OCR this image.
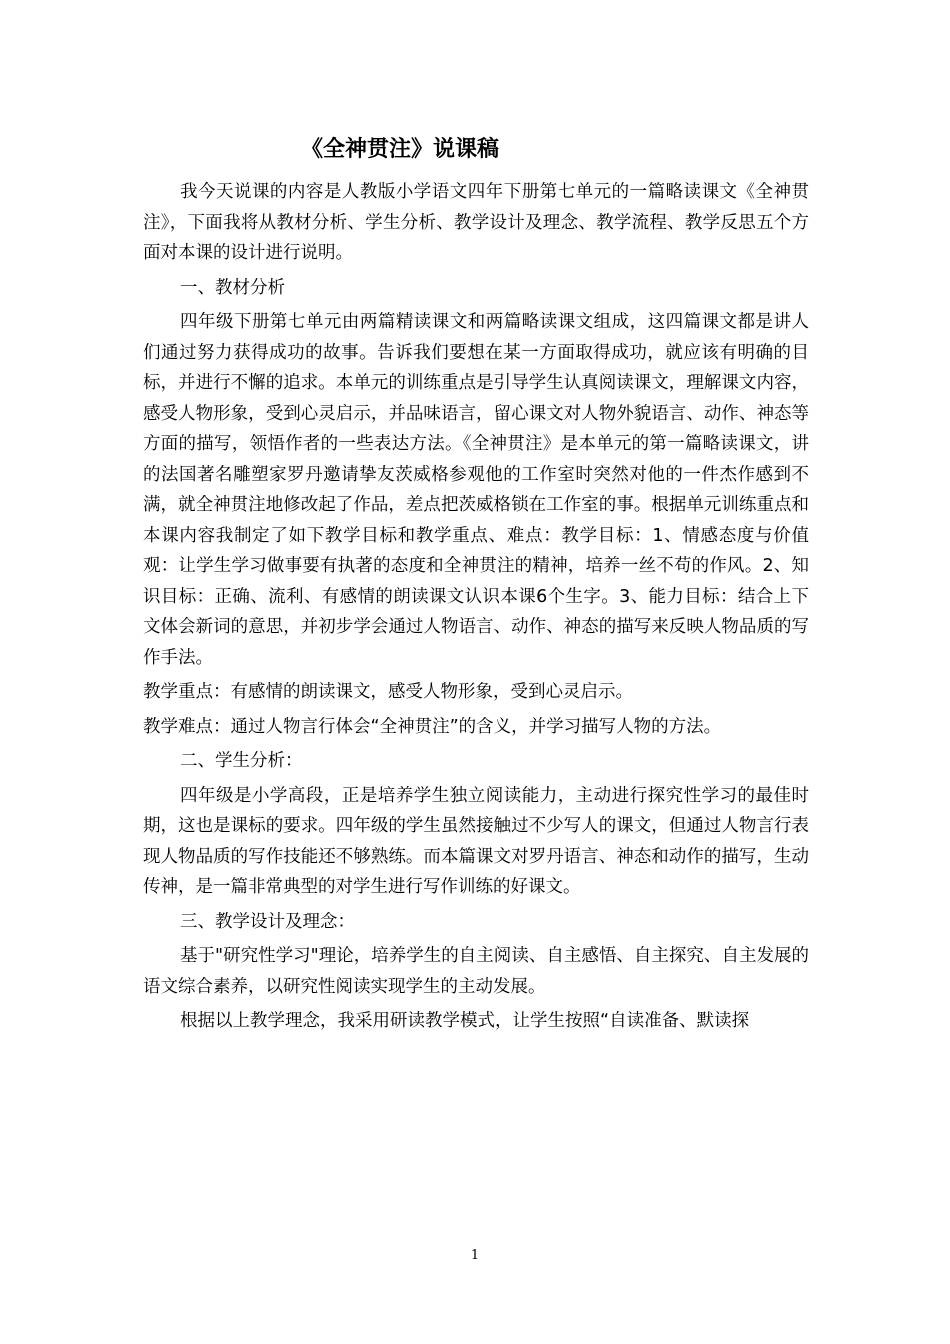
《全神贯注》说课稿

我今天说课的内容是人教版小学语文四年下册第七单元的一篇略读课文《全神贯注》，下面我将从教材分析、学生分析、教学设计及理念、教学流程、教学反思五个方面对本课的设计进行说明。

一、教材分析

四年级下册第七单元由两篇精读课文和两篇略读课文组成，这四篇课文都是讲人们通过努力获得成功的故事。告诉我们要想在某一方面取得成功，就应该有明确的目标，并进行不懈的追求。本单元的训练重点是引导学生认真阅读课文，理解课文内容，感受人物形象，受到心灵启示，并品味语言，留心课文对人物外貌语言、动作、神态等方面的描写，领悟作者的一些表达方法。《全神贯注》是本单元的第一篇略读课文，讲的法国著名雕塑家罗丹邀请挚友茨威格参观他的工作室时突然对他的一件杰作感到不满，就全神贯注地修改起了作品，差点把茨威格锁在工作室的事。根据单元训练重点和本课内容我制定了如下教学目标和教学重点、难点：教学目标：1、情感态度与价值观：让学生学习做事要有执著的态度和全神贯注的精神，培养一丝不苟的作风。2、知识目标：正确、流利、有感情的朗读课文认识本课6个生字。3、能力目标：结合上下文体会新词的意思，并初步学会通过人物语言、动作、神态的描写来反映人物品质的写作手法。

教学重点：有感情的朗读课文，感受人物形象，受到心灵启示。

教学难点：通过人物言行体会“全神贯注”的含义，并学习描写人物的方法。

二、学生分析：

四年级是小学高段，正是培养学生独立阅读能力，主动进行探究性学习的最佳时期，这也是课标的要求。四年级的学生虽然接触过不少写人的课文，但通过人物言行表现人物品质的写作技能还不够熟练。而本篇课文对罗丹语言、神态和动作的描写，生动传神，是一篇非常典型的对学生进行写作训练的好课文。

三、教学设计及理念：

基于"研究性学习"理论，培养学生的自主阅读、自主感悟、自主探究、自主发展的语文综合素养，以研究性阅读实现学生的主动发展。

根据以上教学理念，我采用研读教学模式，让学生按照“自读准备、默读探

1
